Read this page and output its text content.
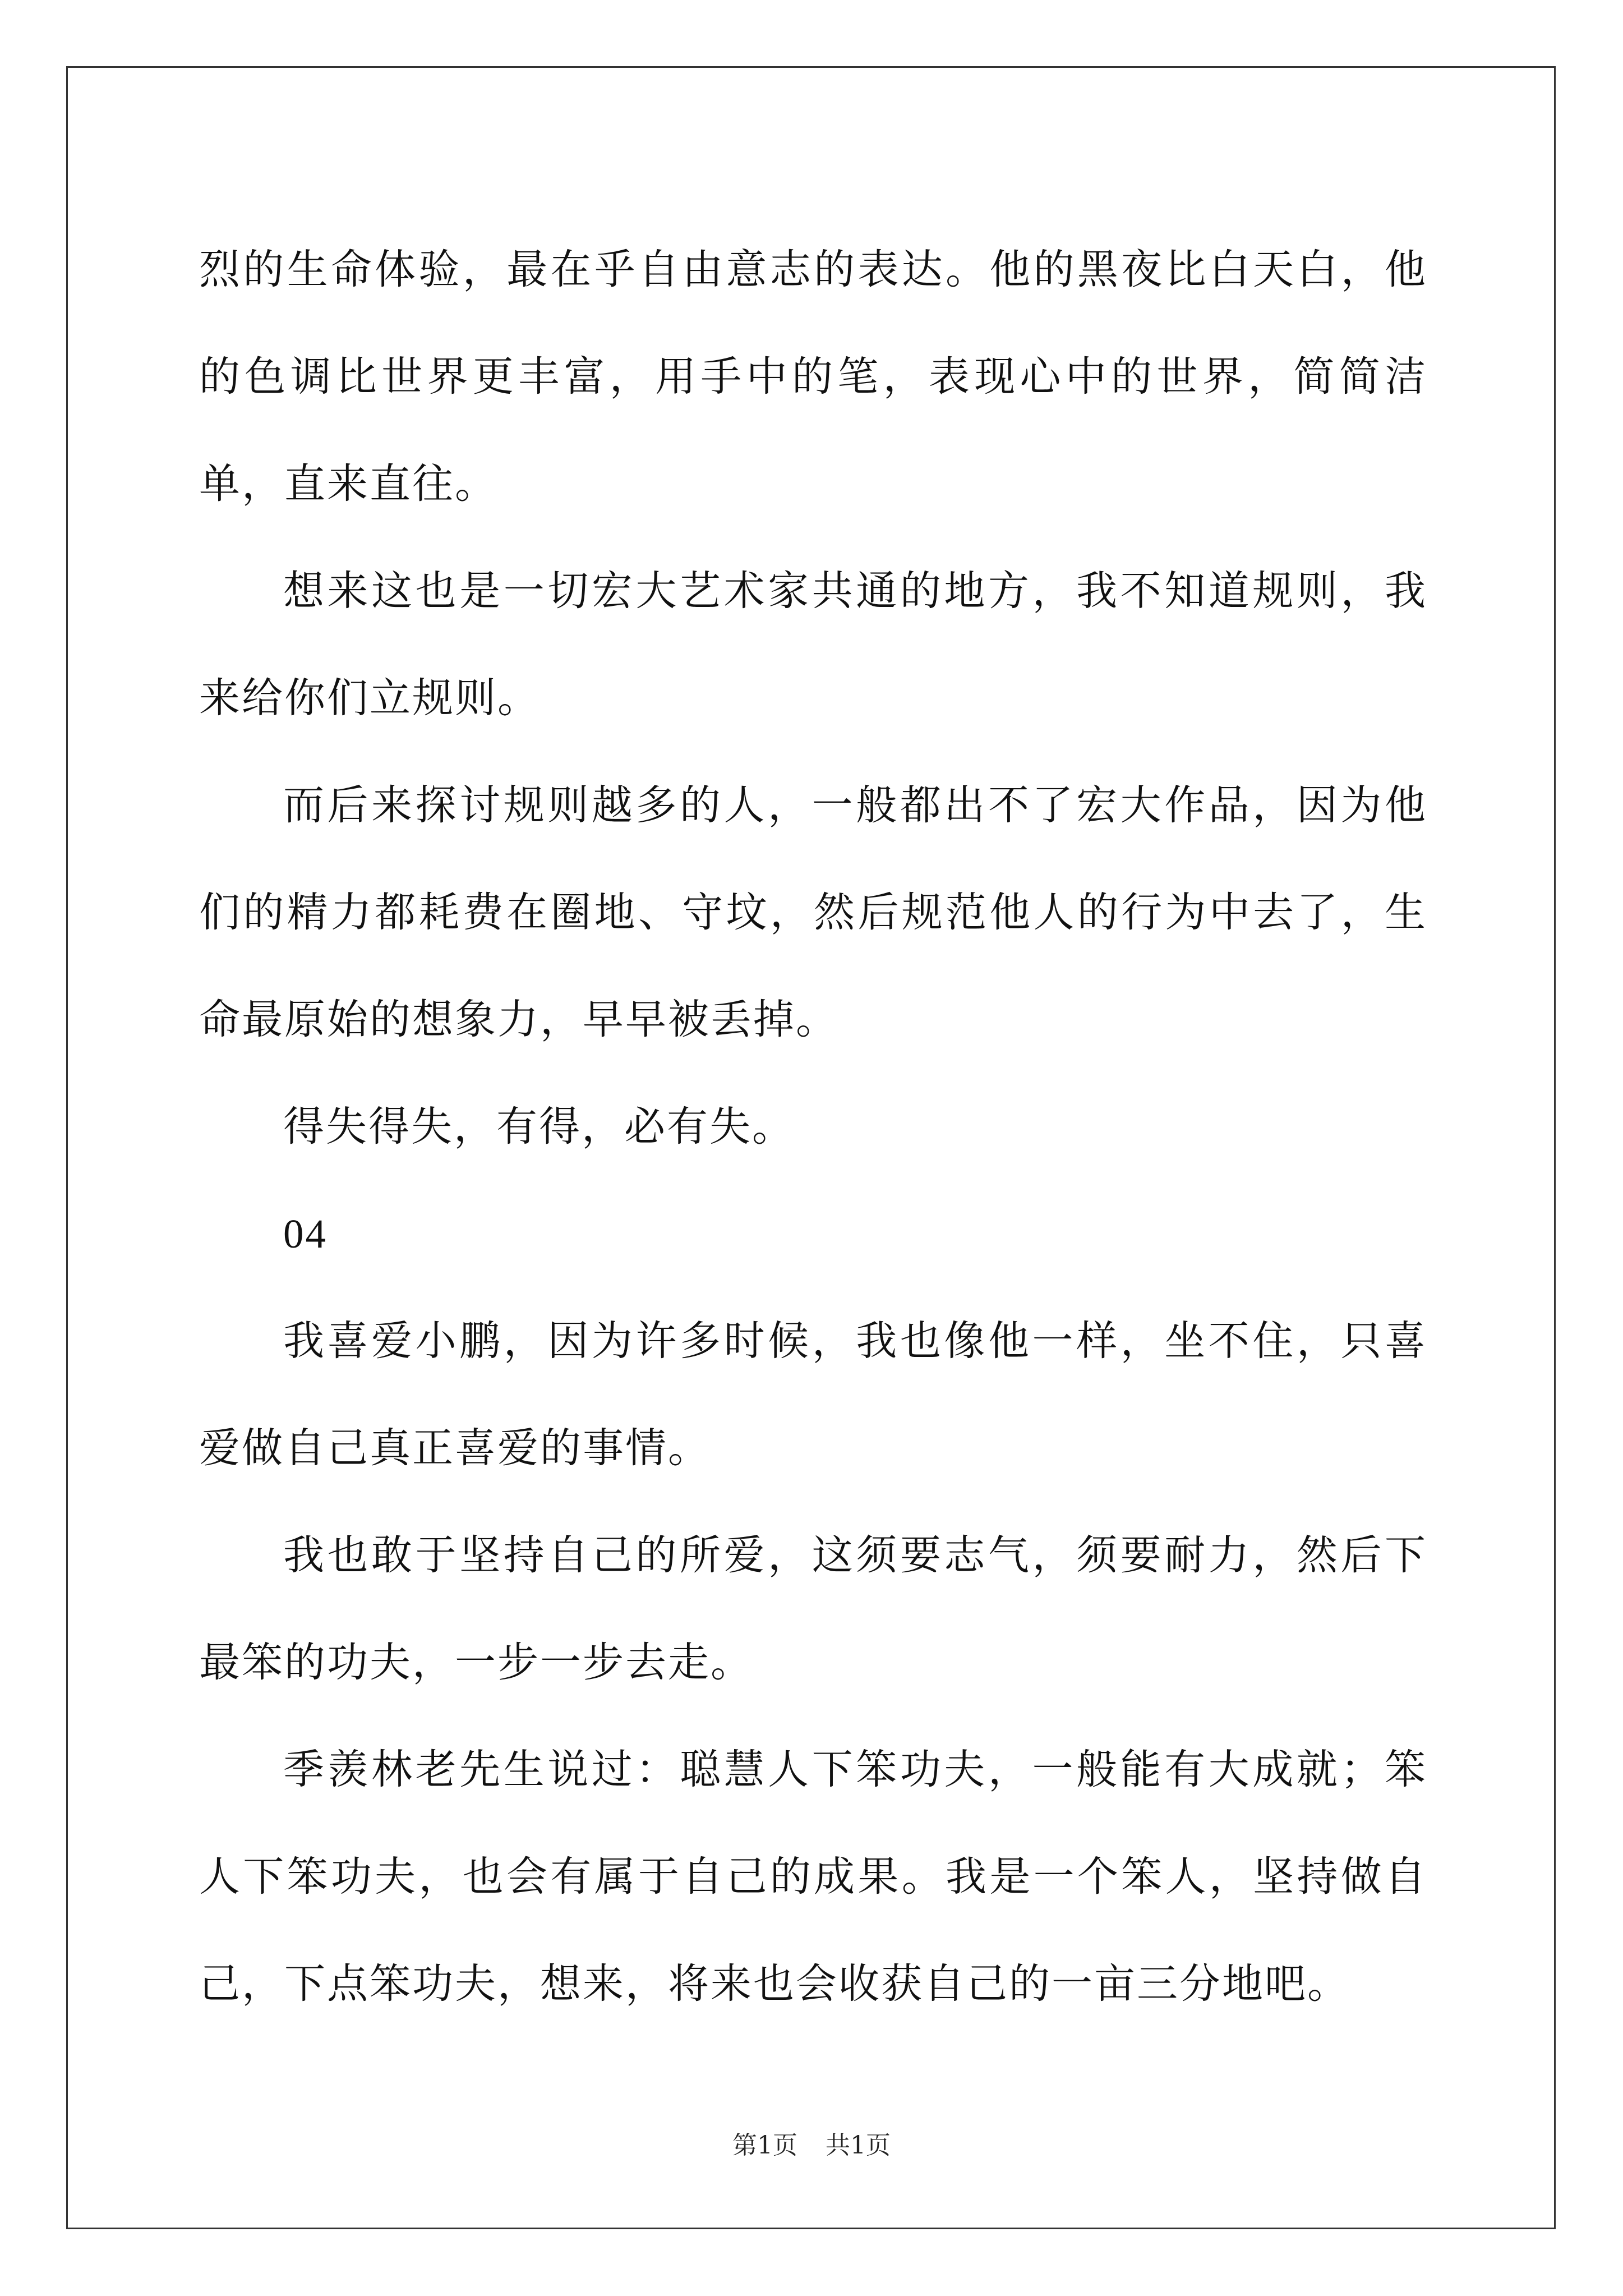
烈的生命体验，最在乎自由意志的表达。他的黑夜比白天白，他的色调比世界更丰富，用手中的笔，表现心中的世界，简简洁单，直来直往。

想来这也是一切宏大艺术家共通的地方，我不知道规则，我来给你们立规则。

而后来探讨规则越多的人，一般都出不了宏大作品，因为他们的精力都耗费在圈地、守坟，然后规范他人的行为中去了，生命最原始的想象力，早早被丢掉。

得失得失，有得，必有失。

04

我喜爱小鹏，因为许多时候，我也像他一样，坐不住，只喜爱做自己真正喜爱的事情。

我也敢于坚持自己的所爱，这须要志气，须要耐力，然后下最笨的功夫，一步一步去走。

季羡林老先生说过：聪慧人下笨功夫，一般能有大成就；笨人下笨功夫，也会有属于自己的成果。我是一个笨人，坚持做自己，下点笨功夫，想来，将来也会收获自己的一亩三分地吧。

第1页 共1页
